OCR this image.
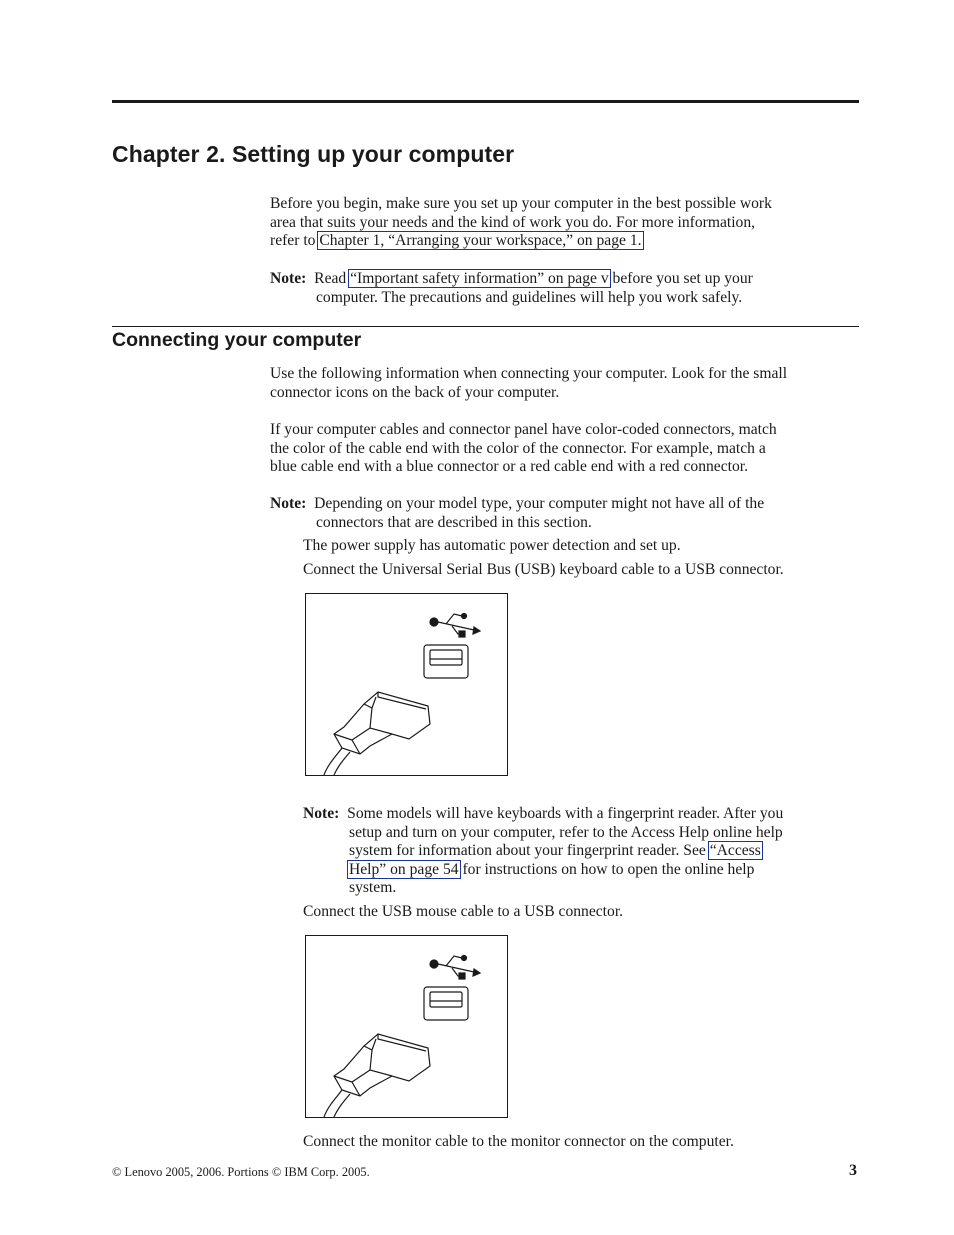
Chapter 2. Setting up your computer

Before you begin, make sure you set up your computer in the best possible work

area that suits your needs and the kind of work you do. For more information,

refer to Chapter 1, “Arranging your workspace,” on page 1.

Note: Read “Important safety information” on page v before you set up your

computer. The precautions and guidelines will help you work safely.

Connecting your computer

Use the following information when connecting your computer. Look for the small

connector icons on the back of your computer.

If your computer cables and connector panel have color-coded connectors, match

the color of the cable end with the color of the connector. For example, match a

blue cable end with a blue connector or a red cable end with a red connector.

Note: Depending on your model type, your computer might not have all of the

connectors that are described in this section.

The power supply has automatic power detection and set up.

Connect the Universal Serial Bus (USB) keyboard cable to a USB connector.

Note: Some models will have keyboards with a fingerprint reader. After you

setup and turn on your computer, refer to the Access Help online help

system for information about your fingerprint reader. See “Access

Help” on page 54 for instructions on how to open the online help

system.

Connect the USB mouse cable to a USB connector.

Connect the monitor cable to the monitor connector on the computer.

© Lenovo 2005, 2006. Portions © IBM Corp. 2005.	3
